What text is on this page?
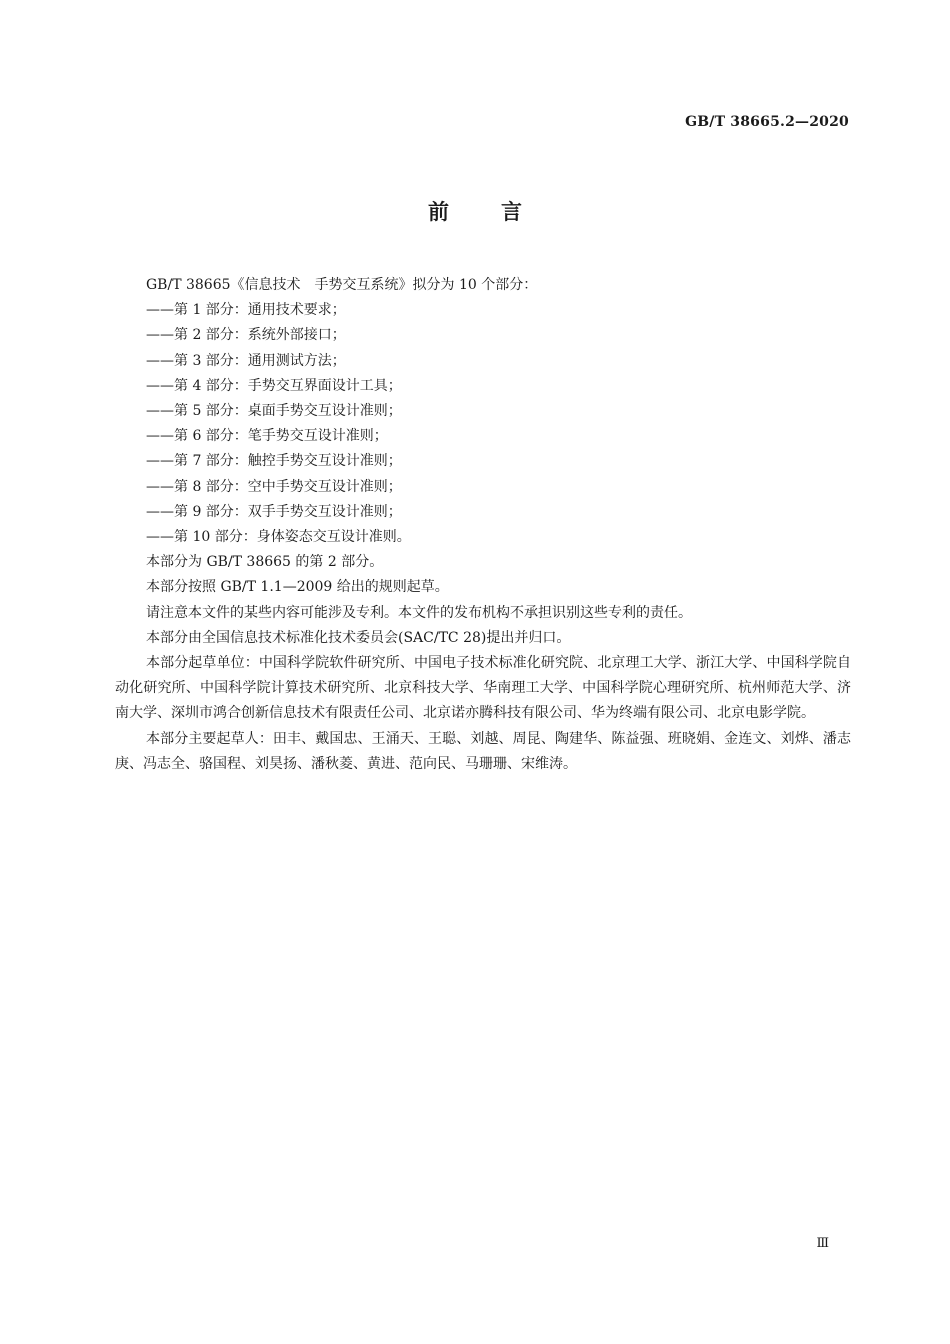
GB/T 38665.2—2020
前言
GB/T 38665《信息技术　手势交互系统》拟分为 10 个部分：
——第 1 部分：通用技术要求；
——第 2 部分：系统外部接口；
——第 3 部分：通用测试方法；
——第 4 部分：手势交互界面设计工具；
——第 5 部分：桌面手势交互设计准则；
——第 6 部分：笔手势交互设计准则；
——第 7 部分：触控手势交互设计准则；
——第 8 部分：空中手势交互设计准则；
——第 9 部分：双手手势交互设计准则；
——第 10 部分：身体姿态交互设计准则。
本部分为 GB/T 38665 的第 2 部分。
本部分按照 GB/T 1.1—2009 给出的规则起草。
请注意本文件的某些内容可能涉及专利。本文件的发布机构不承担识别这些专利的责任。
本部分由全国信息技术标准化技术委员会(SAC/TC 28)提出并归口。
本部分起草单位：中国科学院软件研究所、中国电子技术标准化研究院、北京理工大学、浙江大学、中国科学院自动化研究所、中国科学院计算技术研究所、北京科技大学、华南理工大学、中国科学院心理研究所、杭州师范大学、济南大学、深圳市鸿合创新信息技术有限责任公司、北京诺亦腾科技有限公司、华为终端有限公司、北京电影学院。
本部分主要起草人：田丰、戴国忠、王涌天、王聪、刘越、周昆、陶建华、陈益强、班晓娟、金连文、刘烨、潘志庚、冯志全、骆国程、刘昊扬、潘秋菱、黄进、范向民、马珊珊、宋维涛。
Ⅲ
